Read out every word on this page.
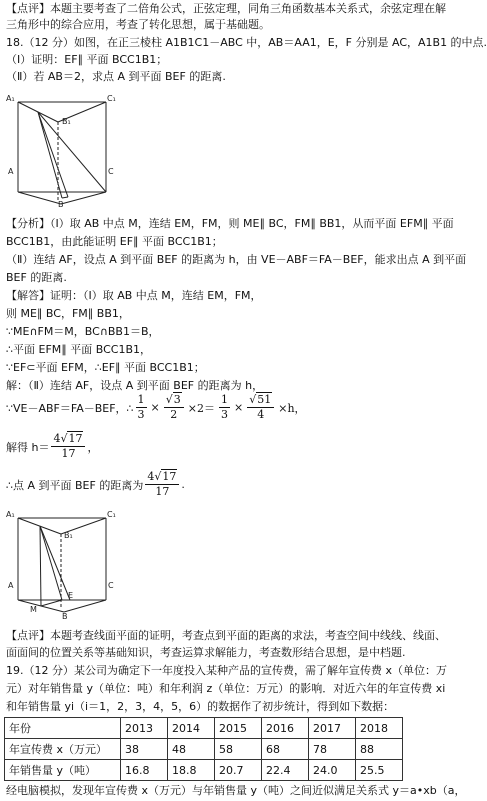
【点评】本题主要考查了二倍角公式，正弦定理，同角三角函数基本关系式，余弦定理在解
三角形中的综合应用，考查了转化思想，属于基础题。
18.（12 分）如图，在正三棱柱 A1B1C1－ABC 中，AB＝AA1，E，F 分别是 AC，A1B1 的中点.
（Ⅰ）证明：EF∥ 平面 BCC1B1；
（Ⅱ）若 AB＝2，求点 A 到平面 BEF 的距离.
A₁	C₁
B₁
A	C
B
【分析】（Ⅰ）取 AB 中点 M，连结 EM，FM，则 ME∥ BC，FM∥ BB1，从而平面 EFM∥ 平面
BCC1B1，由此能证明 EF∥ 平面 BCC1B1；
（Ⅱ）连结 AF，设点 A 到平面 BEF 的距离为 h，由 VE－ABF＝FA－BEF，能求出点 A 到平面
BEF 的距离.
【解答】证明：（Ⅰ）取 AB 中点 M，连结 EM，FM，
则 ME∥ BC，FM∥ BB1，
∵ME∩FM＝M，BC∩BB1＝B，
∴平面 EFM∥ 平面 BCC1B1，
∵EF⊂平面 EFM，∴EF∥ 平面 BCC1B1；
解：（Ⅱ）连结 AF，设点 A 到平面 BEF 的距离为 h，
∵VE－ABF＝FA－BEF，∴ $\frac{1}{3} \times \frac{√3}{2} \times 2= \frac{1}{3} \times \frac{√51}{4} \times h$，
解得 $h= \frac{4√17}{17}$ ，
∴点 A 到平面 BEF 的距离为 $\frac{4√17}{17}$ .
A₁	C₁
B₁
A	C
M
B
E
【点评】本题考查线面平面的证明，考查点到平面的距离的求法，考查空间中线线、线面、
面面间的位置关系等基础知识，考查运算求解能力，考查数形结合思想，是中档题.
19.（12 分）某公司为确定下一年度投入某种产品的宣传费，需了解年宣传费 x（单位：万
元）对年销售量 y（单位：吨）和年利润 z（单位：万元）的影响．对近六年的年宣传费 xi
和年销售量 yi（i＝1，2，3，4，5，6）的数据作了初步统计，得到如下数据：
年份	2013	2014	2015	2016	2017	2018
年宣传费 x（万元）	38	48	58	68	78	88
年销售量 y（吨）	16.8	18.8	20.7	22.4	24.0	25.5
经电脑模拟，发现年宣传费 x（万元）与年销售量 y（吨）之间近似满足关系式 y＝a•xb（a，
